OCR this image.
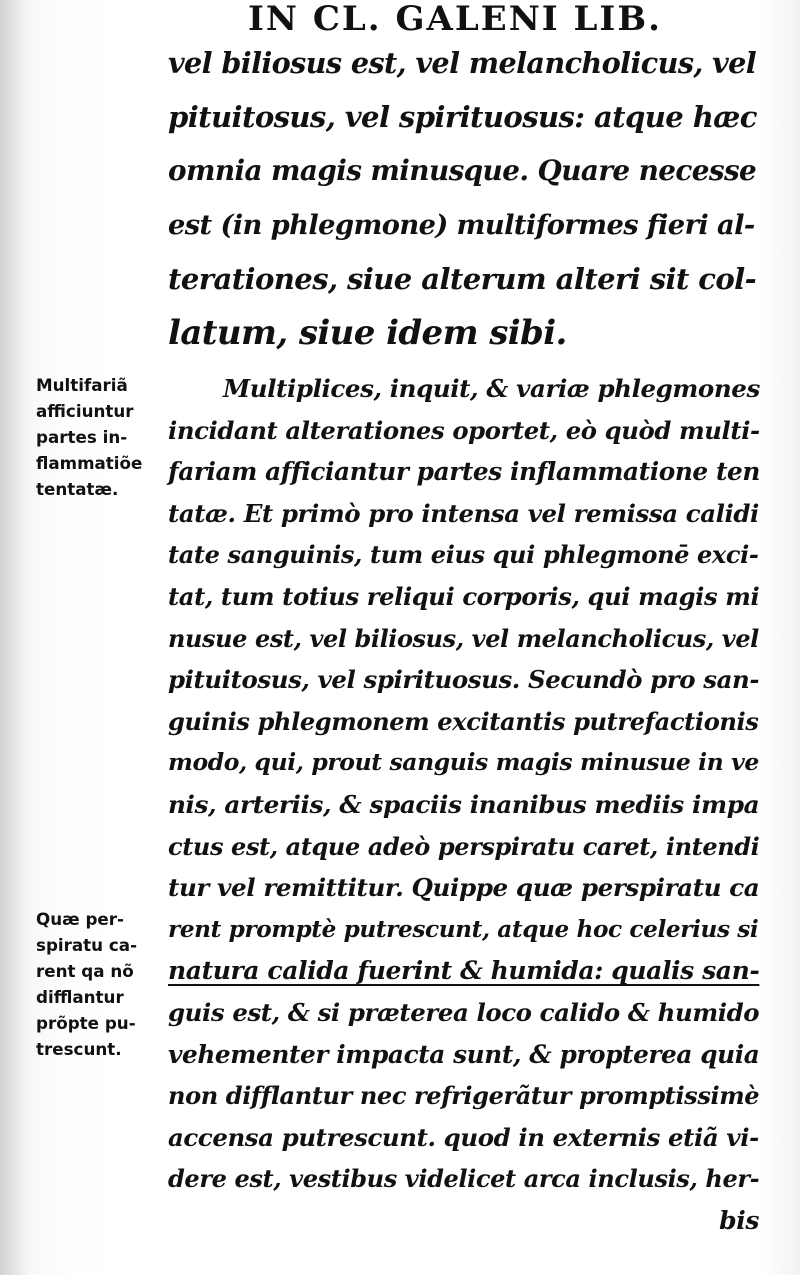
IN CL. GALENI LIB.
vel biliosus est, vel melancholicus, vel
pituitosus, vel spirituosus: atque hæc
omnia magis minusque. Quare necesse
est (in phlegmone) multiformes fieri al-
terationes, siue alterum alteri sit col-
latum, siue idem sibi.
Multiplices, inquit, & variæ phlegmones
incidant alterationes oportet, eò quòd multi-
fariam afficiantur partes inflammatione ten
tatæ. Et primò pro intensa vel remissa calidi
tate sanguinis, tum eius qui phlegmonē exci-
tat, tum totius reliqui corporis, qui magis mi
nusue est, vel biliosus, vel melancholicus, vel
pituitosus, vel spirituosus. Secundò pro san-
guinis phlegmonem excitantis putrefactionis
modo, qui, prout sanguis magis minusue in ve
nis, arteriis, & spaciis inanibus mediis impa
ctus est, atque adeò perspiratu caret, intendi
tur vel remittitur. Quippe quæ perspiratu ca
rent promptè putrescunt, atque hoc celerius si
natura calida fuerint & humida: qualis san-
guis est, & si præterea loco calido & humido
vehementer impacta sunt, & propterea quia
non difflantur nec refrigerãtur promptissimè
accensa putrescunt. quod in externis etiã vi-
dere est, vestibus videlicet arca inclusis, her-
bis
Multifariã
afficiuntur
partes in-
flammatiõe
tentatæ.
Quæ per-
spiratu ca-
rent qa nõ
difflantur
prõpte pu-
trescunt.
